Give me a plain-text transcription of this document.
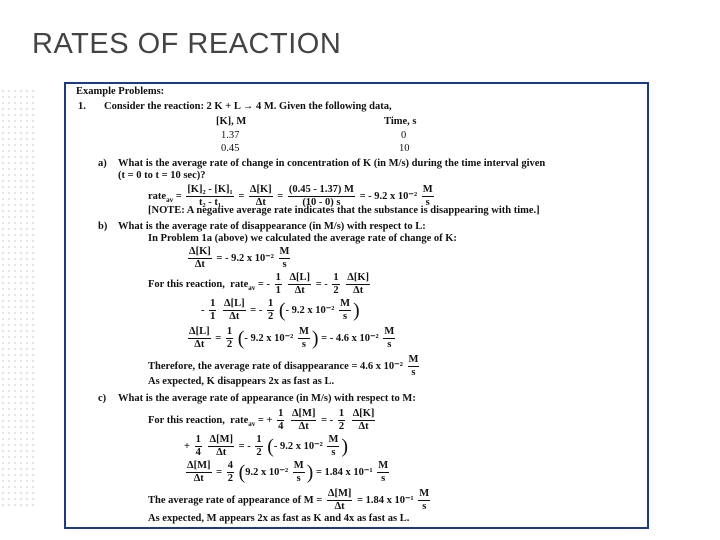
RATES OF REACTION
Example Problems:
1. Consider the reaction: 2 K + L → 4 M. Given the following data,
[K], M	Time, s
1.37	0
0.45	10
a) What is the average rate of change in concentration of K (in M/s) during the time interval given
(t = 0 to t = 10 sec)?
rate$_{av}$ = $\frac{\text{[K]₂ - [K]₁}}{\text{t₂ - t₁}} = \frac{\Delta[K]}{\Delta t} = \frac{(0.45 - 1.37) M}{(10 - 0) s}$ = - 9.2 x $10^{-2} \frac{M}{s}$
[NOTE: A negative average rate indicates that the substance is disappearing with time.]
b) What is the average rate of disappearance (in M/s) with respect to L:
In Problem 1a (above) we calculated the average rate of change of K:
$\frac{\Delta[K]}{\Delta t}$ = - 9.2 x $10^{-2} \frac{M}{s}$
For this reaction, rate$_{av}$ = - $\frac{1}{1}$
$\frac{\Delta[L]}{\Delta t}$ = - $\frac{1}{2}$
$\frac{\Delta[K]}{\Delta t}$
- $\frac{1}{1}$
$\frac{\Delta[L]}{\Delta t}$ = - $\frac{1}{2}$ (- 9.2 x $10^{-2} \frac{M}{s}$ )
$\frac{\Delta[L]}{\Delta t} = \frac{1}{2}$ (- 9.2 x $10^{-2} \frac{M}{s}$ ) = - 4.6 x $10^{-2} \frac{M}{s}$
Therefore, the average rate of disappearance = 4.6 x $10^{-2} \frac{M}{s}$
As expected, K disappears 2x as fast as L.
c) What is the average rate of appearance (in M/s) with respect to M:
For this reaction, rate$_{av}$ = + $\frac{1}{4}$
$\frac{\Delta[M]}{\Delta t}$ = - $\frac{1}{2}$
$\frac{\Delta[K]}{\Delta t}$
+ $\frac{1}{4}$
$\frac{\Delta[M]}{\Delta t}$ = - $\frac{1}{2}$ (- 9.2 x $10^{-2} \frac{M}{s}$ )
$\frac{\Delta[M]}{\Delta t} = \frac{4}{2} (9.2$ x $10^{-2} \frac{M}{s}$ ) = 1.84 x $10^{-1} \frac{M}{s}$
The average rate of appearance of $M = \frac{\Delta[M]}{\Delta t} = 1.84$ x $10^{-1} \frac{M}{s}$
As expected, M appears 2x as fast as K and 4x as fast as L.
